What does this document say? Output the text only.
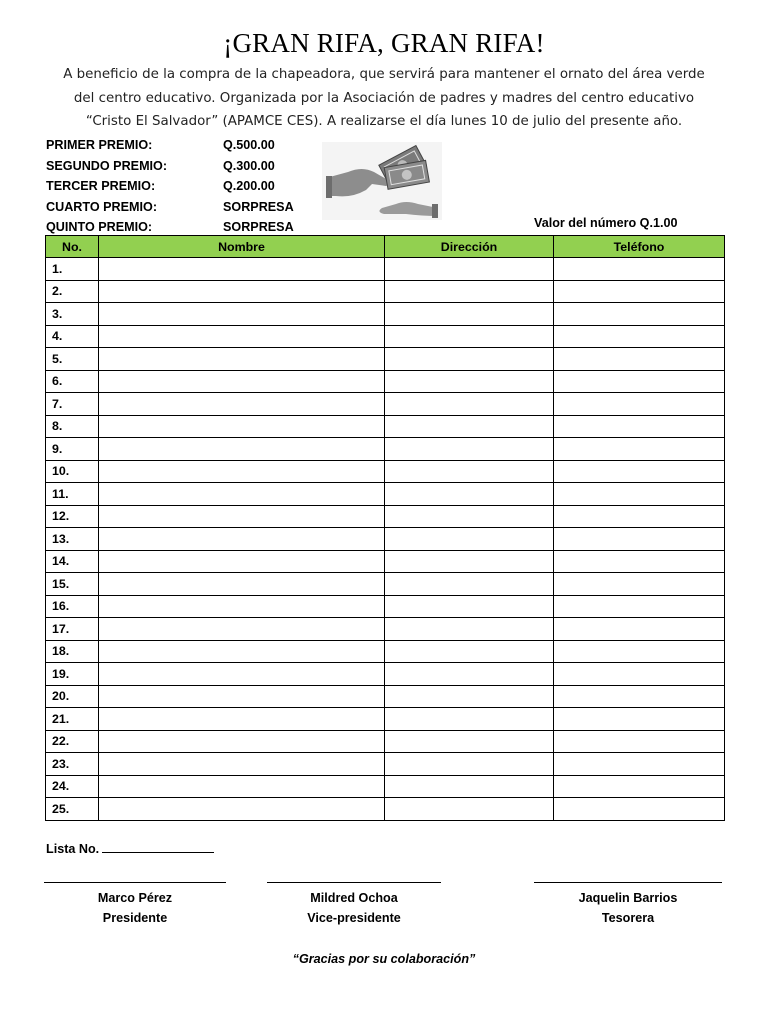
¡GRAN RIFA, GRAN RIFA!
A beneficio de la compra de la chapeadora, que servirá para mantener el ornato del área verde
del centro educativo. Organizada por la Asociación de padres y madres del centro educativo
“Cristo El Salvador” (APAMCE CES). A realizarse el día lunes 10 de julio del presente año.
PRIMER PREMIO:	Q.500.00
SEGUNDO PREMIO:	Q.300.00
TERCER PREMIO:	Q.200.00
CUARTO PREMIO:	SORPRESA
QUINTO PREMIO:	SORPRESA	Valor del número Q.1.00
No.	Nombre	Dirección	Teléfono
1.			
2.			
3.			
4.			
5.			
6.			
7.			
8.			
9.			
10.			
11.			
12.			
13.			
14.			
15.			
16.			
17.			
18.			
19.			
20.			
21.			
22.			
23.			
24.			
25.			
Lista No.
Marco Pérez
Presidente
Mildred Ochoa
Vice-presidente
Jaquelin Barrios
Tesorera
“Gracias por su colaboración”
